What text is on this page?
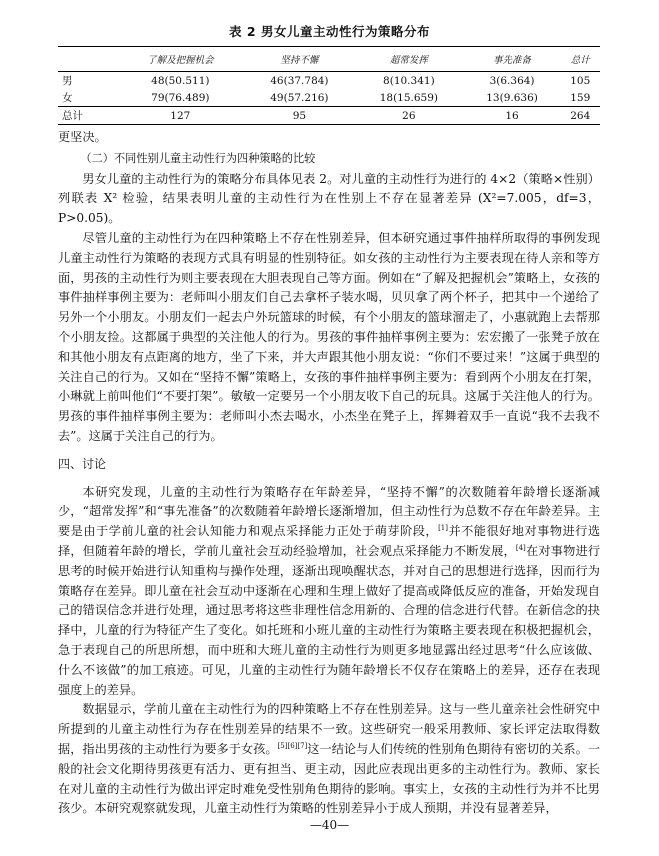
表 2 男女儿童主动性行为策略分布
	了解及把握机会	坚持不懈	超常发挥	事先准备	总计
男	48(50.511)	46(37.784)	8(10.341)	3(6.364)	105
女	79(76.489)	49(57.216)	18(15.659)	13(9.636)	159
总计	127	95	26	16	264

更坚决。

（二）不同性别儿童主动性行为四种策略的比较

男女儿童的主动性行为的策略分布具体见表 2。对儿童的主动性行为进行的 4×2（策略×性别）列联表 X² 检验，结果表明儿童的主动性行为在性别上不存在显著差异 (X²=7.005，df=3，P>0.05)。

尽管儿童的主动性行为在四种策略上不存在性别差异，但本研究通过事件抽样所取得的事例发现儿童主动性行为策略的表现方式具有明显的性别特征。如女孩的主动性行为主要表现在待人亲和等方面，男孩的主动性行为则主要表现在大胆表现自己等方面。例如在“了解及把握机会”策略上，女孩的事件抽样事例主要为：老师叫小朋友们自己去拿杯子装水喝，贝贝拿了两个杯子，把其中一个递给了另外一个小朋友。小朋友们一起去户外玩篮球的时候，有个小朋友的篮球溜走了，小惠就跑上去帮那个小朋友捡。这都属于典型的关注他人的行为。男孩的事件抽样事例主要为：宏宏搬了一张凳子放在和其他小朋友有点距离的地方，坐了下来，并大声跟其他小朋友说：“你们不要过来！”这属于典型的关注自己的行为。又如在“坚持不懈”策略上，女孩的事件抽样事例主要为：看到两个小朋友在打架，小琳就上前叫他们“不要打架”。敏敏一定要另一个小朋友收下自己的玩具。这属于关注他人的行为。男孩的事件抽样事例主要为：老师叫小杰去喝水，小杰坐在凳子上，挥舞着双手一直说“我不去我不去”。这属于关注自己的行为。

四、讨论

本研究发现，儿童的主动性行为策略存在年龄差异，“坚持不懈”的次数随着年龄增长逐渐减少，“超常发挥”和“事先准备”的次数随着年龄增长逐渐增加，但主动性行为总数不存在年龄差异。主要是由于学前儿童的社会认知能力和观点采择能力正处于萌芽阶段，[1]并不能很好地对事物进行选择，但随着年龄的增长，学前儿童社会互动经验增加，社会观点采择能力不断发展，[4]在对事物进行思考的时候开始进行认知重构与操作处理，逐渐出现唤醒状态，并对自己的思想进行选择，因而行为策略存在差异。即儿童在社会互动中逐渐在心理和生理上做好了提高或降低反应的准备，开始发现自己的错误信念并进行处理，通过思考将这些非理性信念用新的、合理的信念进行代替。在新信念的抉择中，儿童的行为特征产生了变化。如托班和小班儿童的主动性行为策略主要表现在积极把握机会，急于表现自己的所思所想，而中班和大班儿童的主动性行为则更多地显露出经过思考“什么应该做、什么不该做”的加工痕迹。可见，儿童的主动性行为随年龄增长不仅存在策略上的差异，还存在表现强度上的差异。

数据显示，学前儿童在主动性行为的四种策略上不存在性别差异。这与一些儿童亲社会性研究中所提到的儿童主动性行为存在性别差异的结果不一致。这些研究一般采用教师、家长评定法取得数据，指出男孩的主动性行为要多于女孩。[5][6][7]这一结论与人们传统的性别角色期待有密切的关系。一般的社会文化期待男孩更有活力、更有担当、更主动，因此应表现出更多的主动性行为。教师、家长在对儿童的主动性行为做出评定时难免受性别角色期待的影响。事实上，女孩的主动性行为并不比男孩少。本研究观察就发现，儿童主动性行为策略的性别差异小于成人预期，并没有显著差异，

—40—
